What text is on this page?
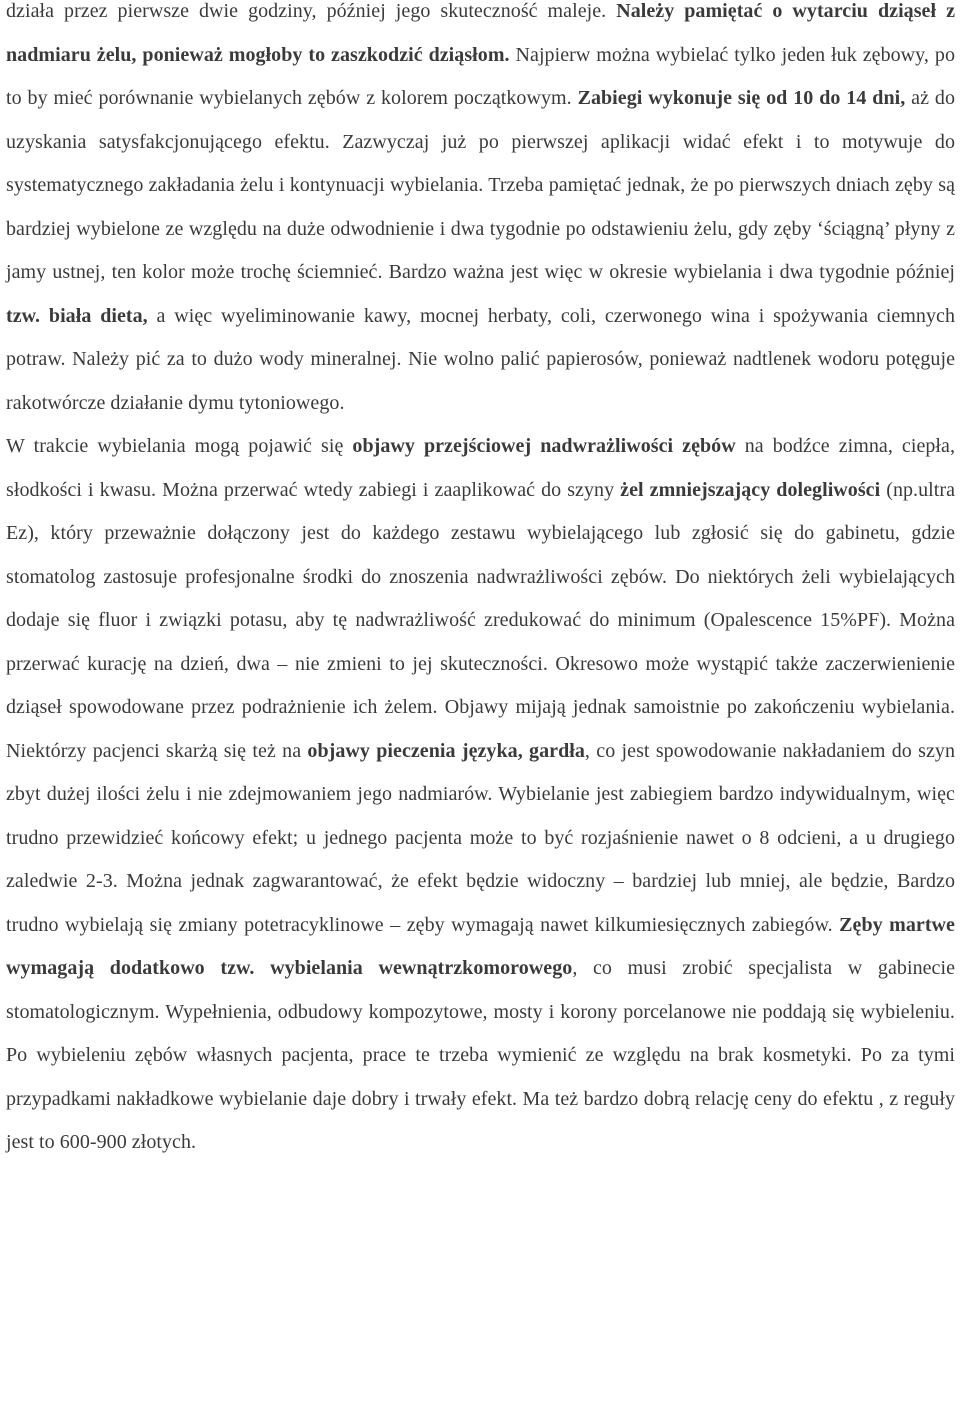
działa przez pierwsze dwie godziny, później jego skuteczność maleje. Należy pamiętać o wytarciu dziąseł z nadmiaru żelu, ponieważ mogłoby to zaszkodzić dziąsłom. Najpierw można wybielać tylko jeden łuk zębowy, po to by mieć porównanie wybielanych zębów z kolorem początkowym. Zabiegi wykonuje się od 10 do 14 dni, aż do uzyskania satysfakcjonującego efektu. Zazwyczaj już po pierwszej aplikacji widać efekt i to motywuje do systematycznego zakładania żelu i kontynuacji wybielania. Trzeba pamiętać jednak, że po pierwszych dniach zęby są bardziej wybielone ze względu na duże odwodnienie i dwa tygodnie po odstawieniu żelu, gdy zęby ‘ściągną’ płyny z jamy ustnej, ten kolor może trochę ściemnieć. Bardzo ważna jest więc w okresie wybielania i dwa tygodnie później tzw. biała dieta, a więc wyeliminowanie kawy, mocnej herbaty, coli, czerwonego wina i spożywania ciemnych potraw. Należy pić za to dużo wody mineralnej. Nie wolno palić papierosów, ponieważ nadtlenek wodoru potęguje rakotwórcze działanie dymu tytoniowego.

W trakcie wybielania mogą pojawić się objawy przejściowej nadwrażliwości zębów na bodźce zimna, ciepła, słodkości i kwasu. Można przerwać wtedy zabiegi i zaaplikować do szyny żel zmniejszający dolegliwości (np.ultra Ez), który przeważnie dołączony jest do każdego zestawu wybielającego lub zgłosić się do gabinetu, gdzie stomatolog zastosuje profesjonalne środki do znoszenia nadwrażliwości zębów. Do niektórych żeli wybielających dodaje się fluor i związki potasu, aby tę nadwrażliwość zredukować do minimum (Opalescence 15%PF). Można przerwać kurację na dzień, dwa – nie zmieni to jej skuteczności. Okresowo może wystąpić także zaczerwienienie dziąseł spowodowane przez podrażnienie ich żelem. Objawy mijają jednak samoistnie po zakończeniu wybielania. Niektórzy pacjenci skarżą się też na objawy pieczenia języka, gardła, co jest spowodowanie nakładaniem do szyn zbyt dużej ilości żelu i nie zdejmowaniem jego nadmiarów. Wybielanie jest zabiegiem bardzo indywidualnym, więc trudno przewidzieć końcowy efekt; u jednego pacjenta może to być rozjaśnienie nawet o 8 odcieni, a u drugiego zaledwie 2-3. Można jednak zagwarantować, że efekt będzie widoczny – bardziej lub mniej, ale będzie, Bardzo trudno wybielają się zmiany potetracyklinowe – zęby wymagają nawet kilkumiesięcznych zabiegów. Zęby martwe wymagają dodatkowo tzw. wybielania wewnątrzkomorowego, co musi zrobić specjalista w gabinecie stomatologicznym. Wypełnienia, odbudowy kompozytowe, mosty i korony porcelanowe nie poddają się wybieleniu. Po wybieleniu zębów własnych pacjenta, prace te trzeba wymienić ze względu na brak kosmetyki. Po za tymi przypadkami nakładkowe wybielanie daje dobry i trwały efekt. Ma też bardzo dobrą relację ceny do efektu , z reguły jest to 600-900 złotych.
